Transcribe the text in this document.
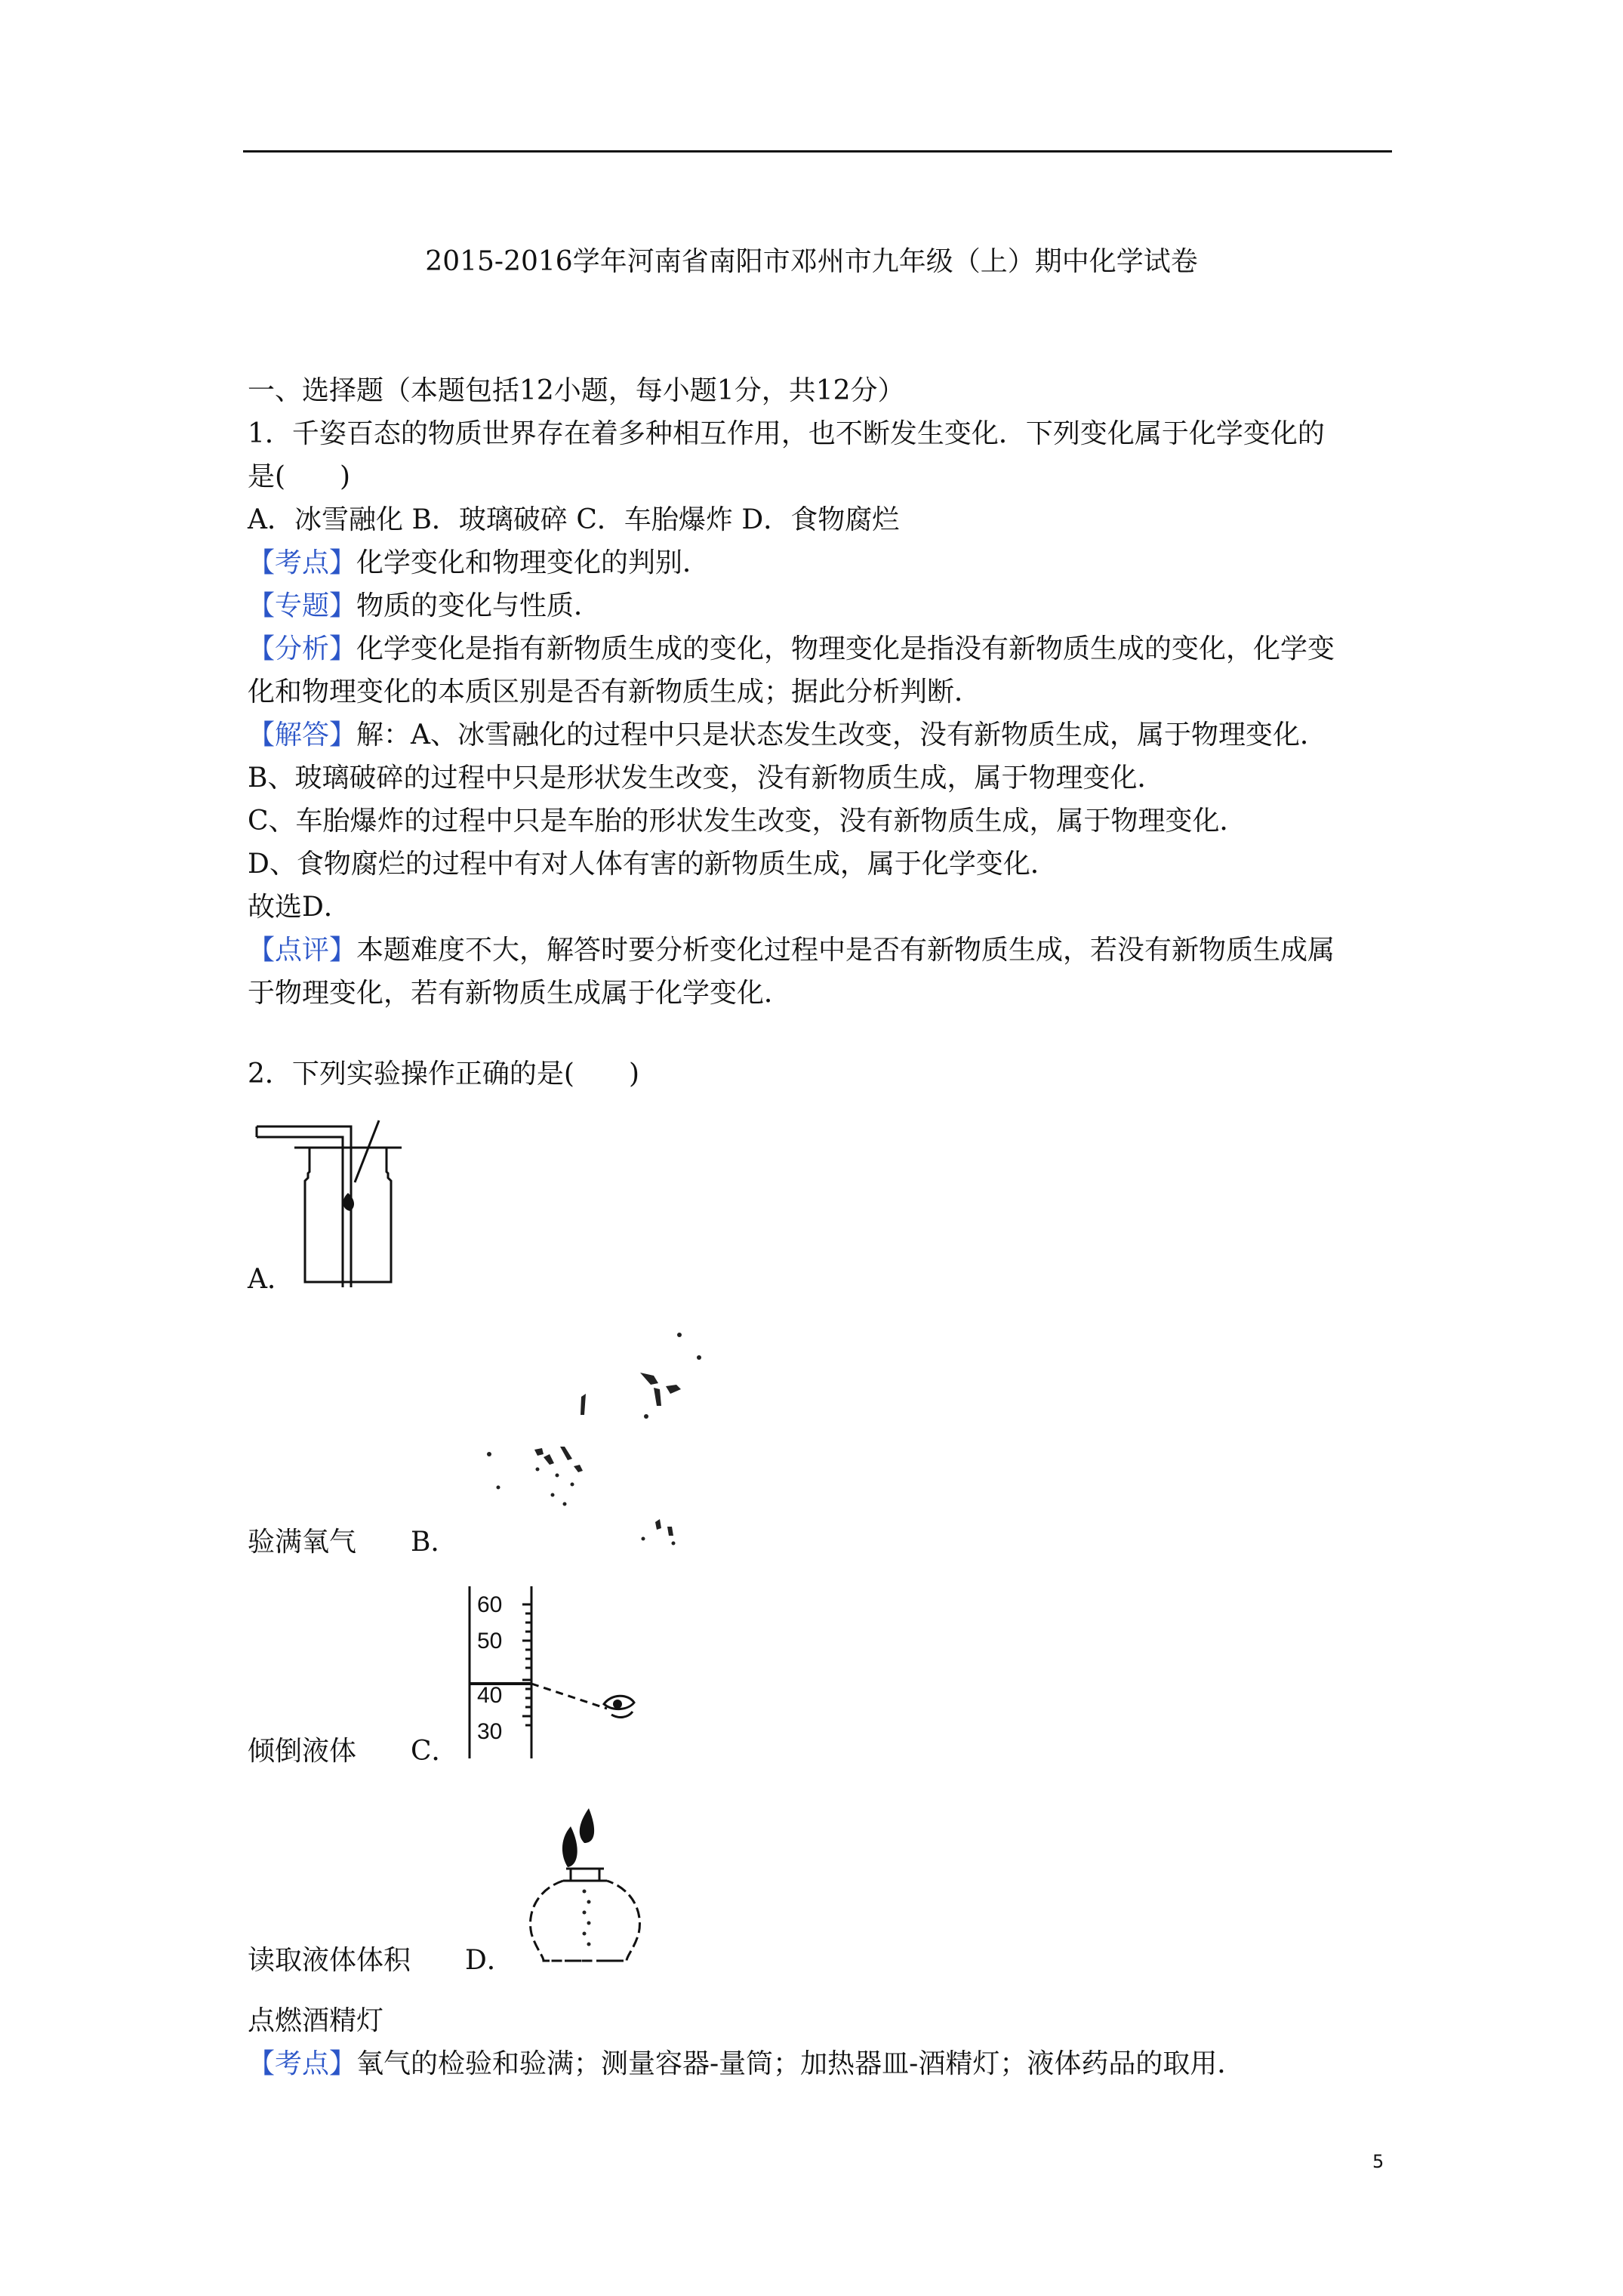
2015-2016学年河南省南阳市邓州市九年级（上）期中化学试卷
一、选择题（本题包括12小题，每小题1分，共12分）
1．千姿百态的物质世界存在着多种相互作用，也不断发生变化．下列变化属于化学变化的
是(　　)
A．冰雪融化 B．玻璃破碎 C．车胎爆炸 D．食物腐烂
【考点】化学变化和物理变化的判别．
【专题】物质的变化与性质．
【分析】化学变化是指有新物质生成的变化，物理变化是指没有新物质生成的变化，化学变
化和物理变化的本质区别是否有新物质生成；据此分析判断．
【解答】解：A、冰雪融化的过程中只是状态发生改变，没有新物质生成，属于物理变化．
B、玻璃破碎的过程中只是形状发生改变，没有新物质生成，属于物理变化．
C、车胎爆炸的过程中只是车胎的形状发生改变，没有新物质生成，属于物理变化．
D、食物腐烂的过程中有对人体有害的新物质生成，属于化学变化．
故选D．
【点评】本题难度不大，解答时要分析变化过程中是否有新物质生成，若没有新物质生成属
于物理变化，若有新物质生成属于化学变化．
2．下列实验操作正确的是(　　)
A．
验满氧气　　B．
60
50
40
30
倾倒液体　　C．
读取液体体积　　D．
点燃酒精灯
【考点】氧气的检验和验满；测量容器-量筒；加热器皿-酒精灯；液体药品的取用．
5
